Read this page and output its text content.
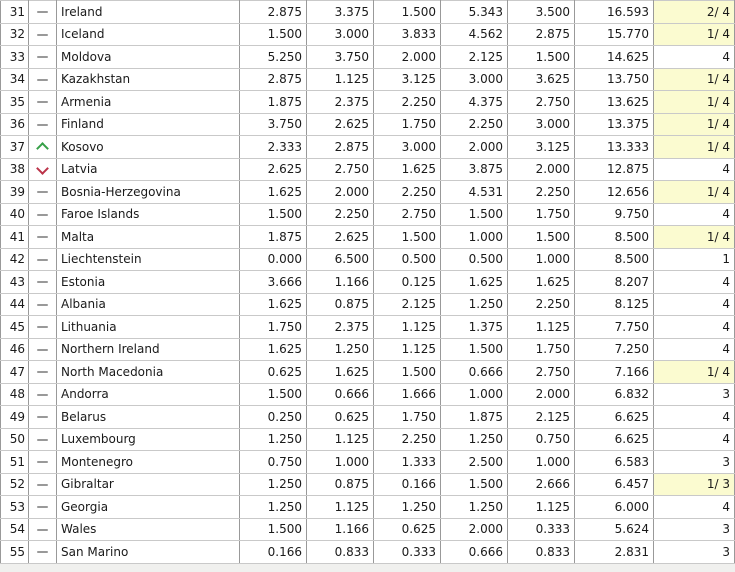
31		Ireland	2.875	3.375	1.500	5.343	3.500	16.593	2/ 4
32		Iceland	1.500	3.000	3.833	4.562	2.875	15.770	1/ 4
33		Moldova	5.250	3.750	2.000	2.125	1.500	14.625	4
34		Kazakhstan	2.875	1.125	3.125	3.000	3.625	13.750	1/ 4
35		Armenia	1.875	2.375	2.250	4.375	2.750	13.625	1/ 4
36		Finland	3.750	2.625	1.750	2.250	3.000	13.375	1/ 4
37		Kosovo	2.333	2.875	3.000	2.000	3.125	13.333	1/ 4
38		Latvia	2.625	2.750	1.625	3.875	2.000	12.875	4
39		Bosnia-Herzegovina	1.625	2.000	2.250	4.531	2.250	12.656	1/ 4
40		Faroe Islands	1.500	2.250	2.750	1.500	1.750	9.750	4
41		Malta	1.875	2.625	1.500	1.000	1.500	8.500	1/ 4
42		Liechtenstein	0.000	6.500	0.500	0.500	1.000	8.500	1
43		Estonia	3.666	1.166	0.125	1.625	1.625	8.207	4
44		Albania	1.625	0.875	2.125	1.250	2.250	8.125	4
45		Lithuania	1.750	2.375	1.125	1.375	1.125	7.750	4
46		Northern Ireland	1.625	1.250	1.125	1.500	1.750	7.250	4
47		North Macedonia	0.625	1.625	1.500	0.666	2.750	7.166	1/ 4
48		Andorra	1.500	0.666	1.666	1.000	2.000	6.832	3
49		Belarus	0.250	0.625	1.750	1.875	2.125	6.625	4
50		Luxembourg	1.250	1.125	2.250	1.250	0.750	6.625	4
51		Montenegro	0.750	1.000	1.333	2.500	1.000	6.583	3
52		Gibraltar	1.250	0.875	0.166	1.500	2.666	6.457	1/ 3
53		Georgia	1.250	1.125	1.250	1.250	1.125	6.000	4
54		Wales	1.500	1.166	0.625	2.000	0.333	5.624	3
55		San Marino	0.166	0.833	0.333	0.666	0.833	2.831	3
